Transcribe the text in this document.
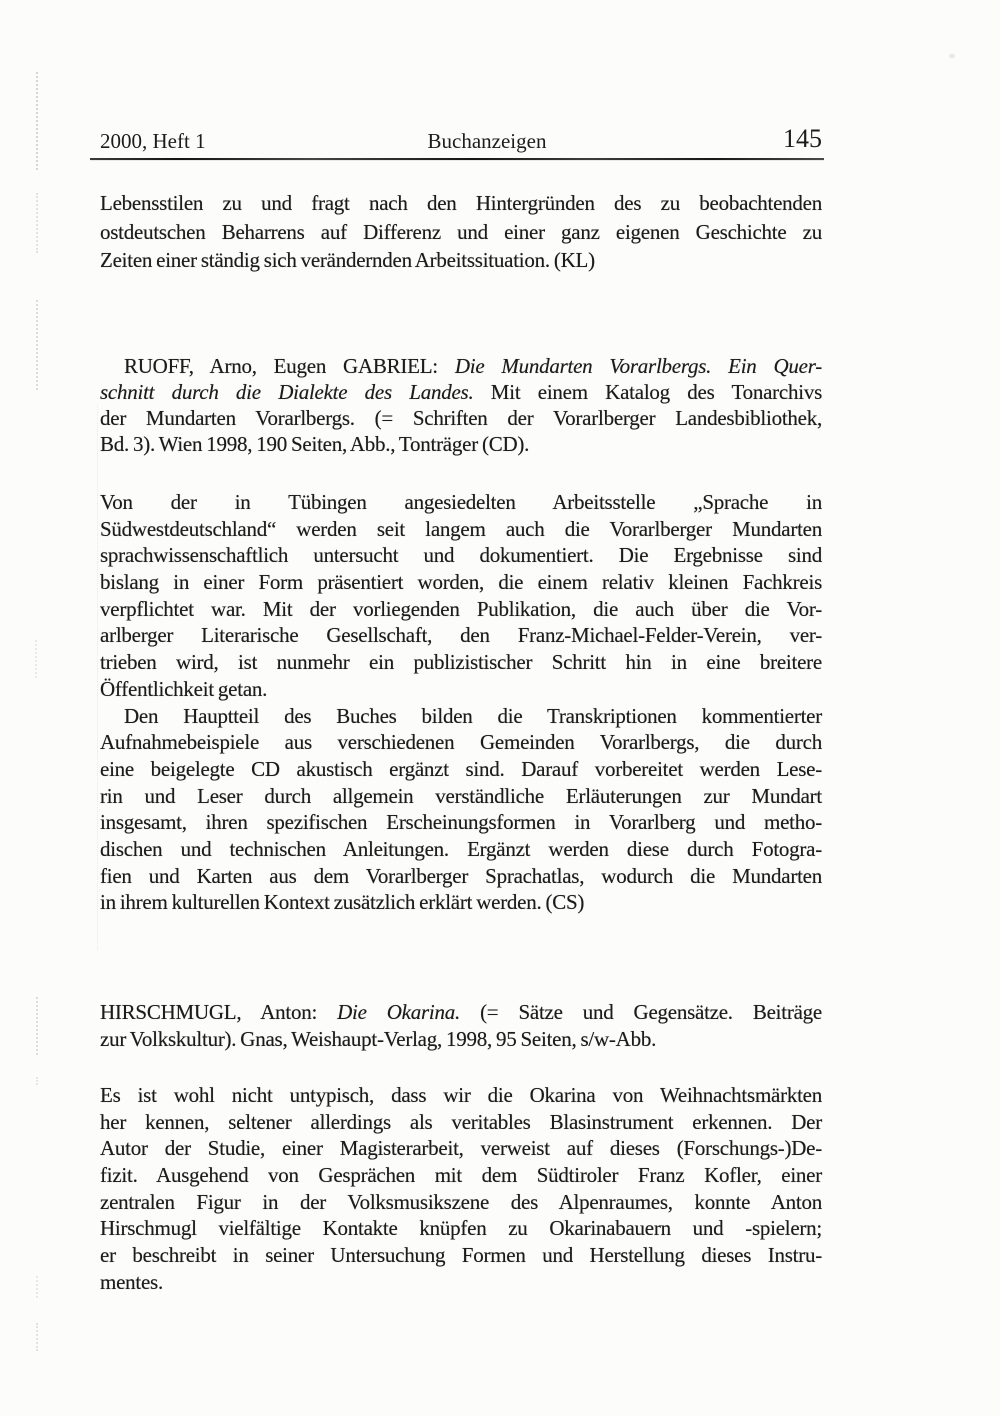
2000, Heft 1	Buchanzeigen	145
Lebensstilen zu und fragt nach den Hintergründen des zu beobachtenden
ostdeutschen Beharrens auf Differenz und einer ganz eigenen Geschichte zu
Zeiten einer ständig sich verändernden Arbeitssituation. (KL)
RUOFF, Arno, Eugen GABRIEL: Die Mundarten Vorarlbergs. Ein Quer-
schnitt durch die Dialekte des Landes. Mit einem Katalog des Tonarchivs
der Mundarten Vorarlbergs. (= Schriften der Vorarlberger Landesbibliothek,
Bd. 3). Wien 1998, 190 Seiten, Abb., Tonträger (CD).
Von der in Tübingen angesiedelten Arbeitsstelle „Sprache in
Südwestdeutschland“ werden seit langem auch die Vorarlberger Mundarten
sprachwissenschaftlich untersucht und dokumentiert. Die Ergebnisse sind
bislang in einer Form präsentiert worden, die einem relativ kleinen Fachkreis
verpflichtet war. Mit der vorliegenden Publikation, die auch über die Vor-
arlberger Literarische Gesellschaft, den Franz-Michael-Felder-Verein, ver-
trieben wird, ist nunmehr ein publizistischer Schritt hin in eine breitere
Öffentlichkeit getan.
Den Hauptteil des Buches bilden die Transkriptionen kommentierter
Aufnahmebeispiele aus verschiedenen Gemeinden Vorarlbergs, die durch
eine beigelegte CD akustisch ergänzt sind. Darauf vorbereitet werden Lese-
rin und Leser durch allgemein verständliche Erläuterungen zur Mundart
insgesamt, ihren spezifischen Erscheinungsformen in Vorarlberg und metho-
dischen und technischen Anleitungen. Ergänzt werden diese durch Fotogra-
fien und Karten aus dem Vorarlberger Sprachatlas, wodurch die Mundarten
in ihrem kulturellen Kontext zusätzlich erklärt werden. (CS)
HIRSCHMUGL, Anton: Die Okarina. (= Sätze und Gegensätze. Beiträge
zur Volkskultur). Gnas, Weishaupt-Verlag, 1998, 95 Seiten, s/w-Abb.
Es ist wohl nicht untypisch, dass wir die Okarina von Weihnachtsmärkten
her kennen, seltener allerdings als veritables Blasinstrument erkennen. Der
Autor der Studie, einer Magisterarbeit, verweist auf dieses (Forschungs-)De-
fizit. Ausgehend von Gesprächen mit dem Südtiroler Franz Kofler, einer
zentralen Figur in der Volksmusikszene des Alpenraumes, konnte Anton
Hirschmugl vielfältige Kontakte knüpfen zu Okarinabauern und -spielern;
er beschreibt in seiner Untersuchung Formen und Herstellung dieses Instru-
mentes.
